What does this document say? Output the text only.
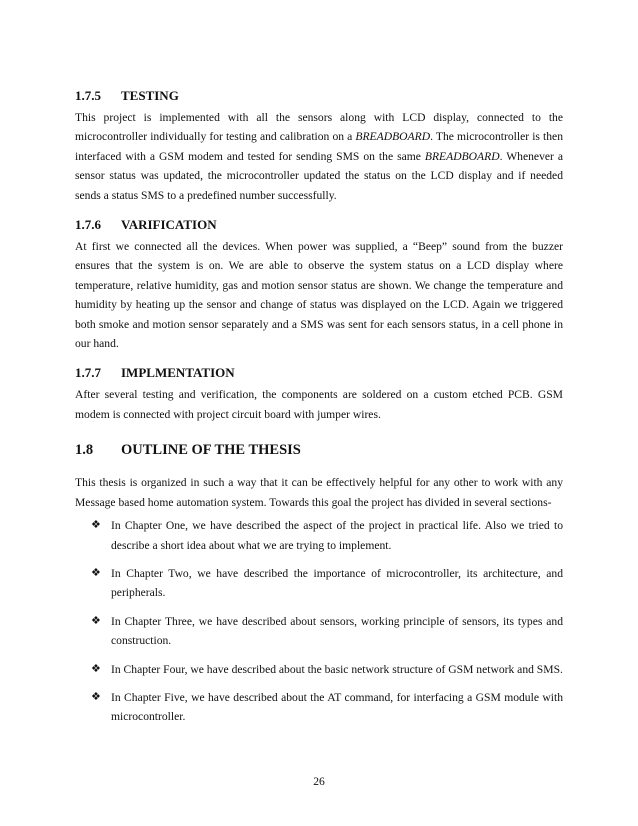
1.7.5	TESTING

This project is implemented with all the sensors along with LCD display, connected to the microcontroller individually for testing and calibration on a BREADBOARD. The microcontroller is then interfaced with a GSM modem and tested for sending SMS on the same BREADBOARD. Whenever a sensor status was updated, the microcontroller updated the status on the LCD display and if needed sends a status SMS to a predefined number successfully.

1.7.6	VARIFICATION

At first we connected all the devices. When power was supplied, a “Beep” sound from the buzzer ensures that the system is on. We are able to observe the system status on a LCD display where temperature, relative humidity, gas and motion sensor status are shown. We change the temperature and humidity by heating up the sensor and change of status was displayed on the LCD. Again we triggered both smoke and motion sensor separately and a SMS was sent for each sensors status, in a cell phone in our hand.

1.7.7	IMPLMENTATION

After several testing and verification, the components are soldered on a custom etched PCB. GSM modem is connected with project circuit board with jumper wires.

1.8	OUTLINE OF THE THESIS

This thesis is organized in such a way that it can be effectively helpful for any other to work with any Message based home automation system. Towards this goal the project has divided in several sections-

❖ In Chapter One, we have described the aspect of the project in practical life. Also we tried to describe a short idea about what we are trying to implement.

❖ In Chapter Two, we have described the importance of microcontroller, its architecture, and peripherals.

❖ In Chapter Three, we have described about sensors, working principle of sensors, its types and construction.

❖ In Chapter Four, we have described about the basic network structure of GSM network and SMS.

❖ In Chapter Five, we have described about the AT command, for interfacing a GSM module with microcontroller.

26
